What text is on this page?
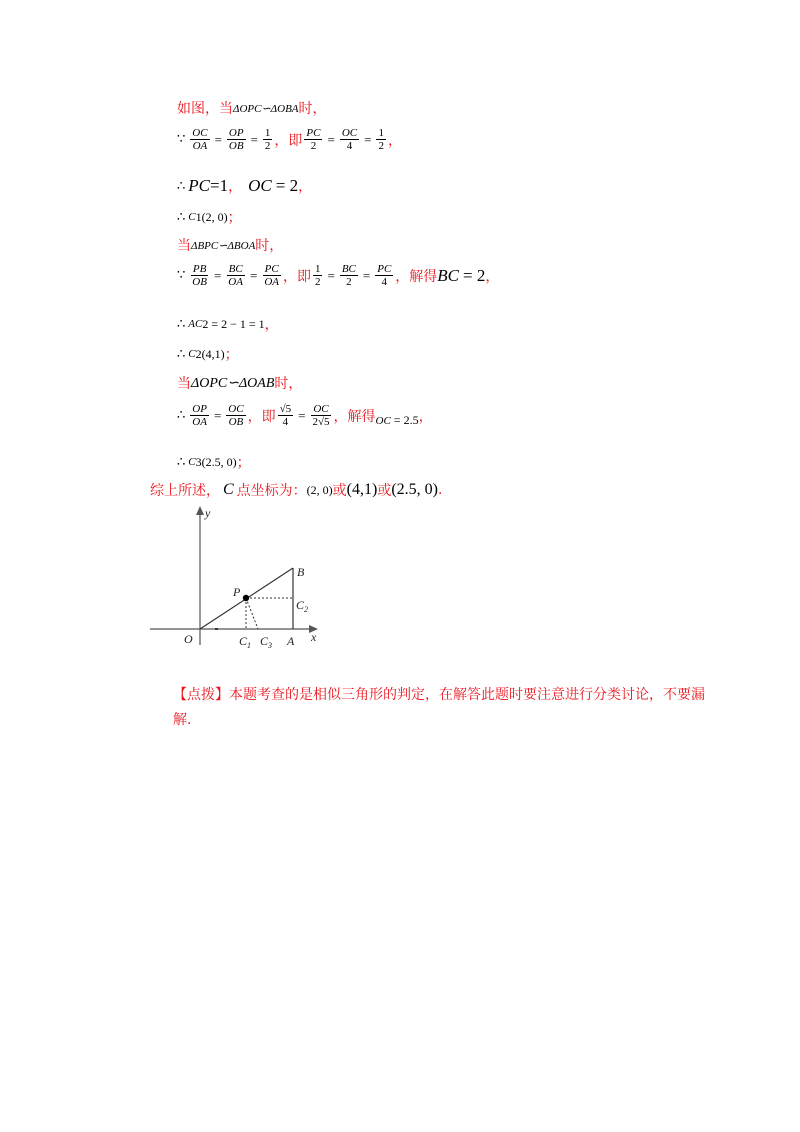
如图，当 ΔOPC∽ΔOBA 时，
∵ $\frac{OC}{OA} = \frac{OP}{OB} = \frac{1}{2}$ ，即 $\frac{PC}{2} = \frac{OC}{4} = \frac{1}{2}$ ，
∴ PC =1 ， OC = 2 ，
∴ C 1 (2, 0) ；
当 ΔBPC∽ΔBOA 时，
∵ $\frac{PB}{OB} = \frac{BC}{OA} = \frac{PC}{OA}$ ，即 $\frac{1}{2} = \frac{BC}{2} = \frac{PC}{4}$ ，解得 BC = 2 ，
∴ AC 2 = 2 − 1 = 1 ，
∴ C 2 (4,1) ；
当 ΔOPC∽ΔOAB 时，
∴ $\frac{OP}{OA} = \frac{OC}{OB}$ ，即 $\frac{√5}{4} = \frac{OC}{2√5}$ ，解得 OC = 2.5 ，
∴ C 3 (2.5, 0) ；
综上所述， C 点坐标为： (2, 0) 或 (4,1) 或 (2.5, 0) .
y
x
O
P
B
A
$C_1$ $C_3$
$C_2$
【点拨】本题考查的是相似三角形的判定，在解答此题时要注意进行分类讨论，不要漏解.
